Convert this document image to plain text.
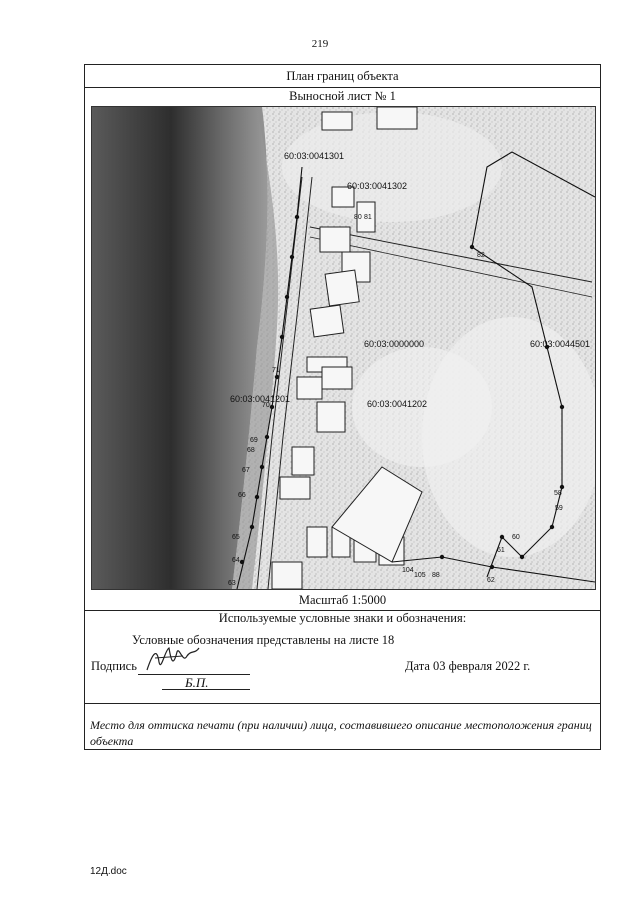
219
План границ объекта
Выносной лист № 1
60:03:0041301
60:03:0041302
60:03:0000000	60:03:0044501
60:03:0041201	60:03:0041202
80 81
63
64
65
66
67
68
69
70
71
82
58
59
60
61
62
88
104
105
Масштаб 1:5000
Используемые условные знаки и обозначения:
Условные обозначения представлены на листе 18
Подпись
Б.П.
Дата 03 февраля 2022 г.
Место для оттиска печати (при наличии) лица, составившего описание местоположения границ объекта
12Д.doc
